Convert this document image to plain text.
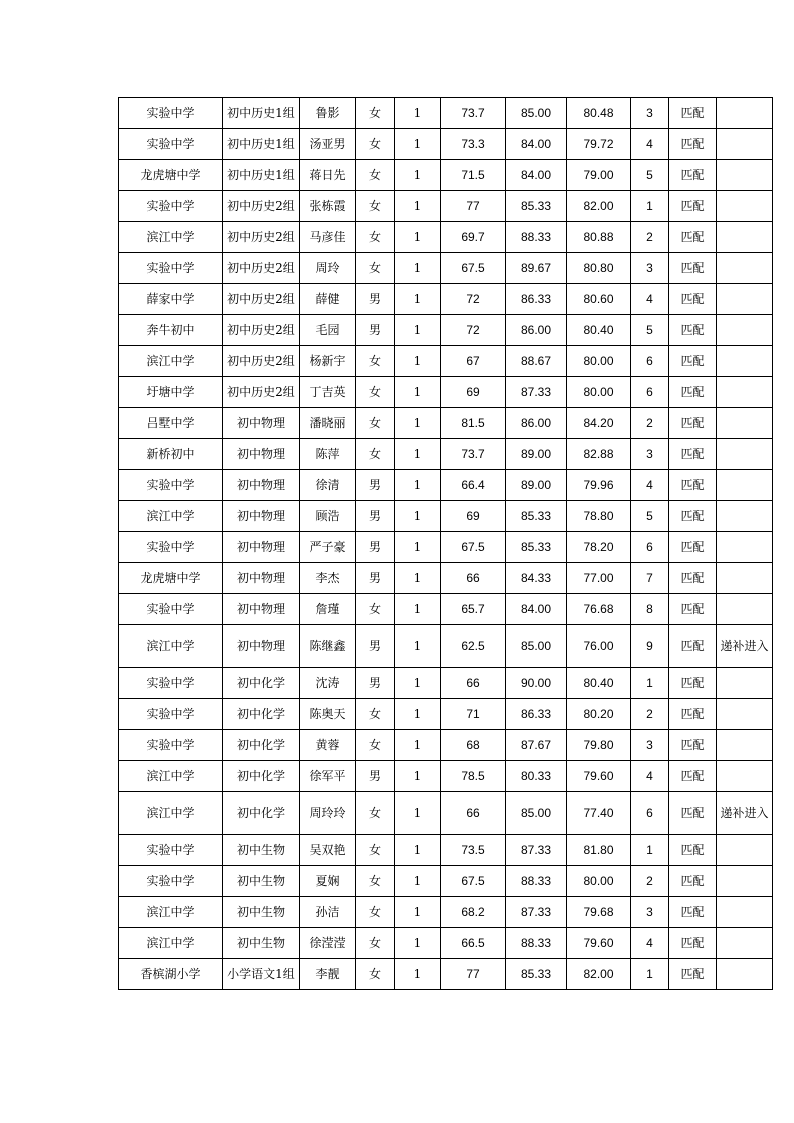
实验中学	初中历史1组	鲁影	女	1	73.7	85.00	80.48	3	匹配	
实验中学	初中历史1组	汤亚男	女	1	73.3	84.00	79.72	4	匹配	
龙虎塘中学	初中历史1组	蒋日先	女	1	71.5	84.00	79.00	5	匹配	
实验中学	初中历史2组	张栋霞	女	1	77	85.33	82.00	1	匹配	
滨江中学	初中历史2组	马彦佳	女	1	69.7	88.33	80.88	2	匹配	
实验中学	初中历史2组	周玲	女	1	67.5	89.67	80.80	3	匹配	
薛家中学	初中历史2组	薛健	男	1	72	86.33	80.60	4	匹配	
奔牛初中	初中历史2组	毛园	男	1	72	86.00	80.40	5	匹配	
滨江中学	初中历史2组	杨新宇	女	1	67	88.67	80.00	6	匹配	
圩塘中学	初中历史2组	丁吉英	女	1	69	87.33	80.00	6	匹配	
吕墅中学	初中物理	潘晓丽	女	1	81.5	86.00	84.20	2	匹配	
新桥初中	初中物理	陈萍	女	1	73.7	89.00	82.88	3	匹配	
实验中学	初中物理	徐清	男	1	66.4	89.00	79.96	4	匹配	
滨江中学	初中物理	顾浩	男	1	69	85.33	78.80	5	匹配	
实验中学	初中物理	严子豪	男	1	67.5	85.33	78.20	6	匹配	
龙虎塘中学	初中物理	李杰	男	1	66	84.33	77.00	7	匹配	
实验中学	初中物理	詹瑾	女	1	65.7	84.00	76.68	8	匹配	
滨江中学	初中物理	陈继鑫	男	1	62.5	85.00	76.00	9	匹配	递补进入
实验中学	初中化学	沈涛	男	1	66	90.00	80.40	1	匹配	
实验中学	初中化学	陈奥天	女	1	71	86.33	80.20	2	匹配	
实验中学	初中化学	黄蓉	女	1	68	87.67	79.80	3	匹配	
滨江中学	初中化学	徐军平	男	1	78.5	80.33	79.60	4	匹配	
滨江中学	初中化学	周玲玲	女	1	66	85.00	77.40	6	匹配	递补进入
实验中学	初中生物	吴双艳	女	1	73.5	87.33	81.80	1	匹配	
实验中学	初中生物	夏娴	女	1	67.5	88.33	80.00	2	匹配	
滨江中学	初中生物	孙洁	女	1	68.2	87.33	79.68	3	匹配	
滨江中学	初中生物	徐滢滢	女	1	66.5	88.33	79.60	4	匹配	
香槟湖小学	小学语文1组	李靓	女	1	77	85.33	82.00	1	匹配	
